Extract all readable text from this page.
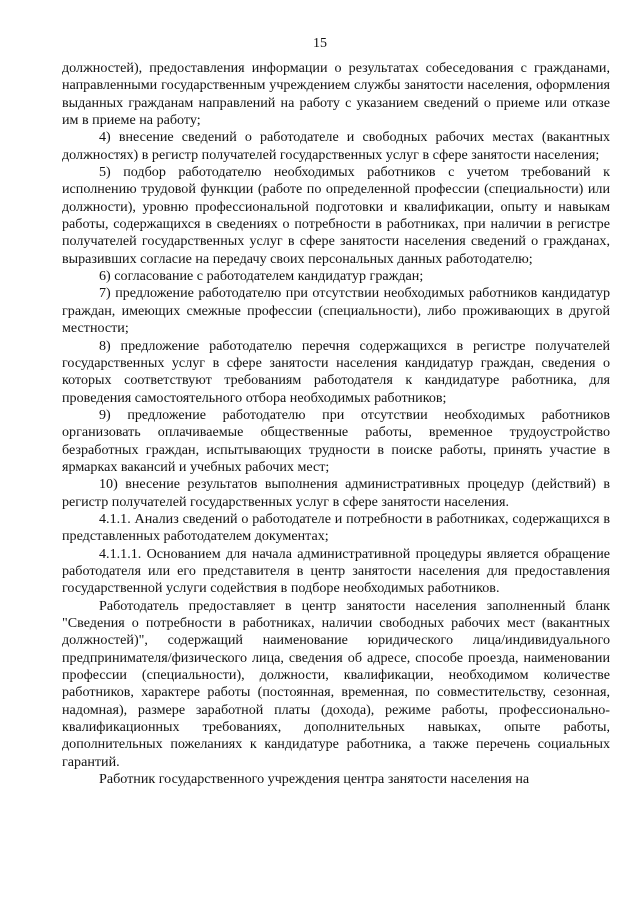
15

должностей), предоставления информации о результатах собеседования с гражданами, направленными государственным учреждением службы занятости населения, оформления выданных гражданам направлений на работу с указанием сведений о приеме или отказе им в приеме на работу;

4) внесение сведений о работодателе и свободных рабочих местах (вакантных должностях) в регистр получателей государственных услуг в сфере занятости населения;

5) подбор работодателю необходимых работников с учетом требований к исполнению трудовой функции (работе по определенной профессии (специальности) или должности), уровню профессиональной подготовки и квалификации, опыту и навыкам работы, содержащихся в сведениях о потребности в работниках, при наличии в регистре получателей государственных услуг в сфере занятости населения сведений о гражданах, выразивших согласие на передачу своих персональных данных работодателю;

6) согласование с работодателем кандидатур граждан;

7) предложение работодателю при отсутствии необходимых работников кандидатур граждан, имеющих смежные профессии (специальности), либо проживающих в другой местности;

8) предложение работодателю перечня содержащихся в регистре получателей государственных услуг в сфере занятости населения кандидатур граждан, сведения о которых соответствуют требованиям работодателя к кандидатуре работника, для проведения самостоятельного отбора необходимых работников;

9) предложение работодателю при отсутствии необходимых работников организовать оплачиваемые общественные работы, временное трудоустройство безработных граждан, испытывающих трудности в поиске работы, принять участие в ярмарках вакансий и учебных рабочих мест;

10) внесение результатов выполнения административных процедур (действий) в регистр получателей государственных услуг в сфере занятости населения.

4.1.1. Анализ сведений о работодателе и потребности в работниках, содержащихся в представленных работодателем документах;

4.1.1.1. Основанием для начала административной процедуры является обращение работодателя или его представителя в центр занятости населения для предоставления государственной услуги содействия в подборе необходимых работников.

Работодатель предоставляет в центр занятости населения заполненный бланк "Сведения о потребности в работниках, наличии свободных рабочих мест (вакантных должностей)", содержащий наименование юридического лица/индивидуального предпринимателя/физического лица, сведения об адресе, способе проезда, наименовании профессии (специальности), должности, квалификации, необходимом количестве работников, характере работы (постоянная, временная, по совместительству, сезонная, надомная), размере заработной платы (дохода), режиме работы, профессионально-квалификационных требованиях, дополнительных навыках, опыте работы, дополнительных пожеланиях к кандидатуре работника, а также перечень социальных гарантий.

Работник государственного учреждения центра занятости населения на
